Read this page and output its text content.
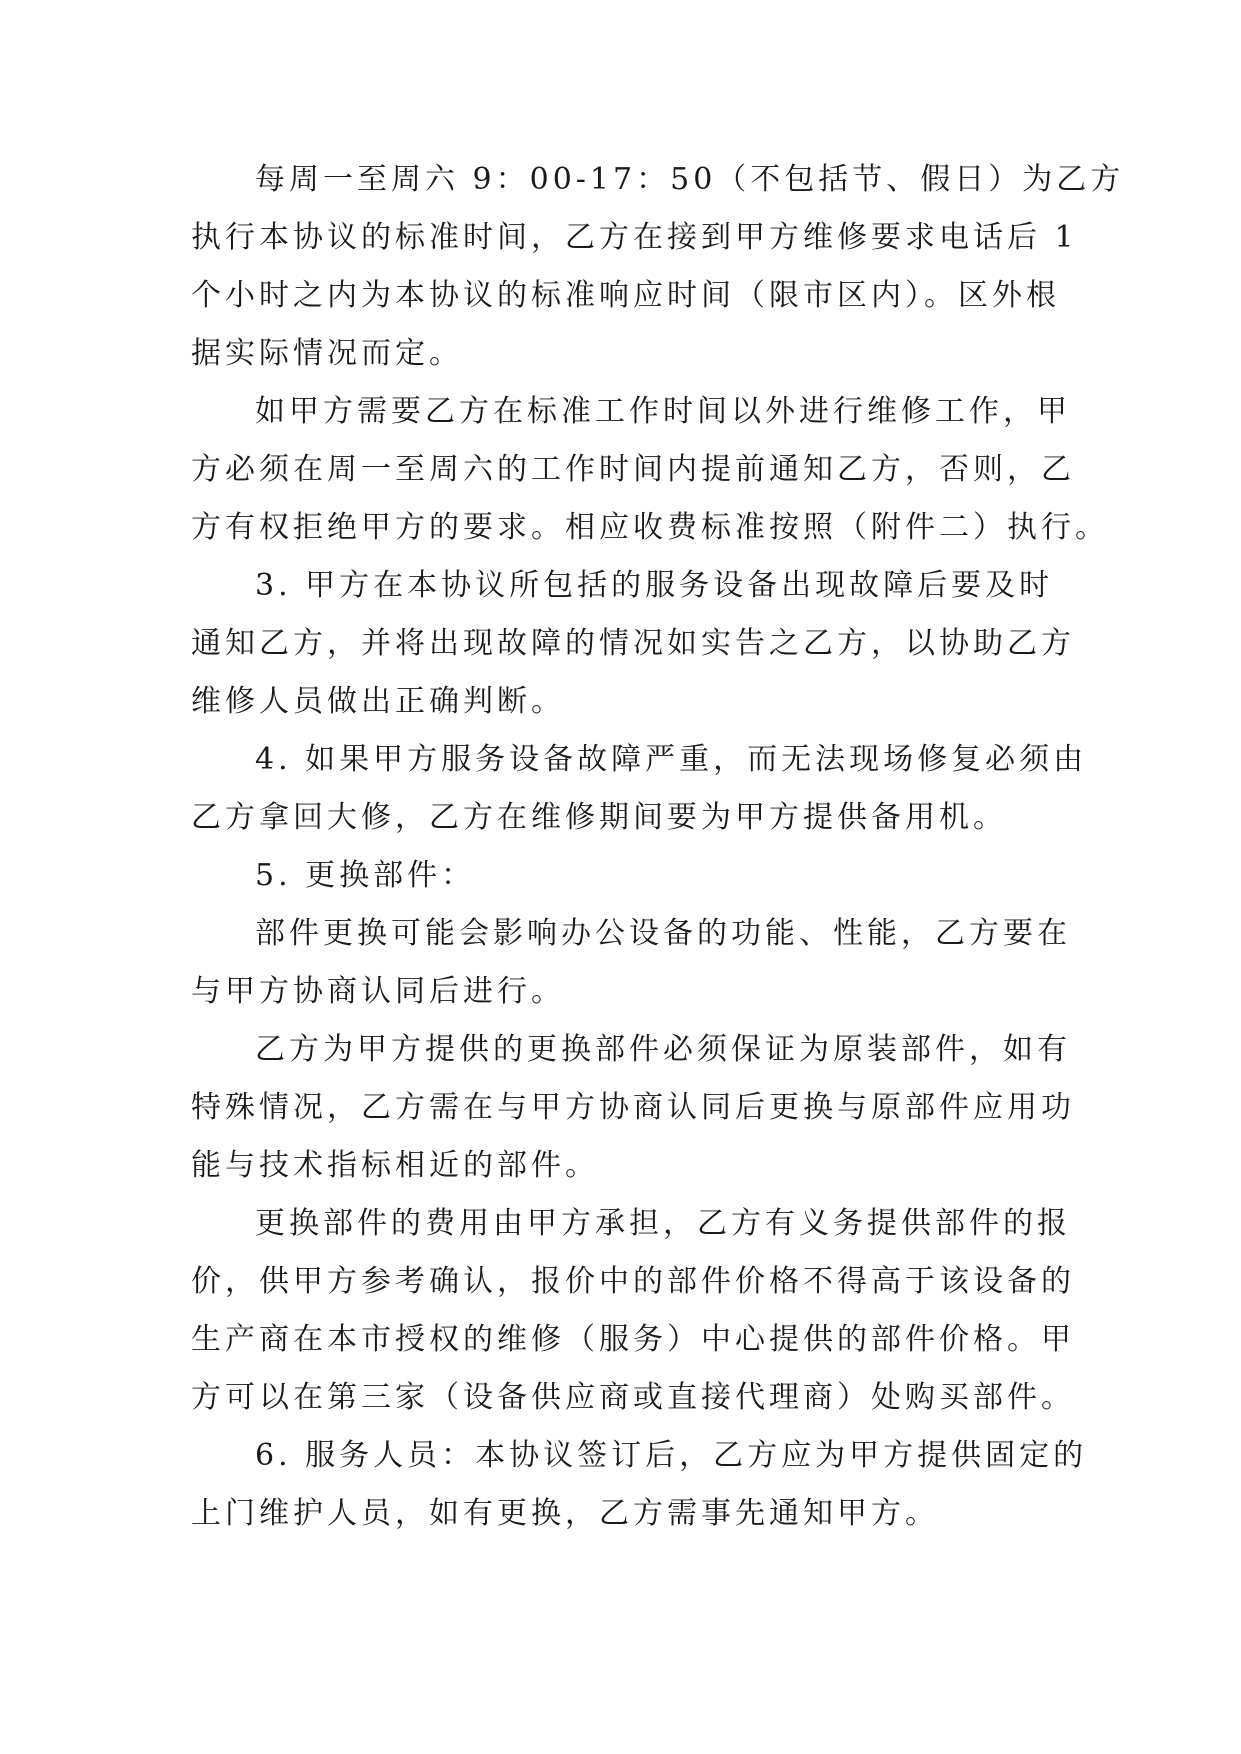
每周一至周六 9：00-17：50（不包括节、假日）为乙方
执行本协议的标准时间，乙方在接到甲方维修要求电话后 1
个小时之内为本协议的标准响应时间（限市区内）。区外根
据实际情况而定。
如甲方需要乙方在标准工作时间以外进行维修工作，甲
方必须在周一至周六的工作时间内提前通知乙方，否则，乙
方有权拒绝甲方的要求。相应收费标准按照（附件二）执行。
3. 甲方在本协议所包括的服务设备出现故障后要及时
通知乙方，并将出现故障的情况如实告之乙方，以协助乙方
维修人员做出正确判断。
4. 如果甲方服务设备故障严重，而无法现场修复必须由
乙方拿回大修，乙方在维修期间要为甲方提供备用机。
5. 更换部件：
部件更换可能会影响办公设备的功能、性能，乙方要在
与甲方协商认同后进行。
乙方为甲方提供的更换部件必须保证为原装部件，如有
特殊情况，乙方需在与甲方协商认同后更换与原部件应用功
能与技术指标相近的部件。
更换部件的费用由甲方承担，乙方有义务提供部件的报
价，供甲方参考确认，报价中的部件价格不得高于该设备的
生产商在本市授权的维修（服务）中心提供的部件价格。甲
方可以在第三家（设备供应商或直接代理商）处购买部件。
6. 服务人员：本协议签订后，乙方应为甲方提供固定的
上门维护人员，如有更换，乙方需事先通知甲方。
